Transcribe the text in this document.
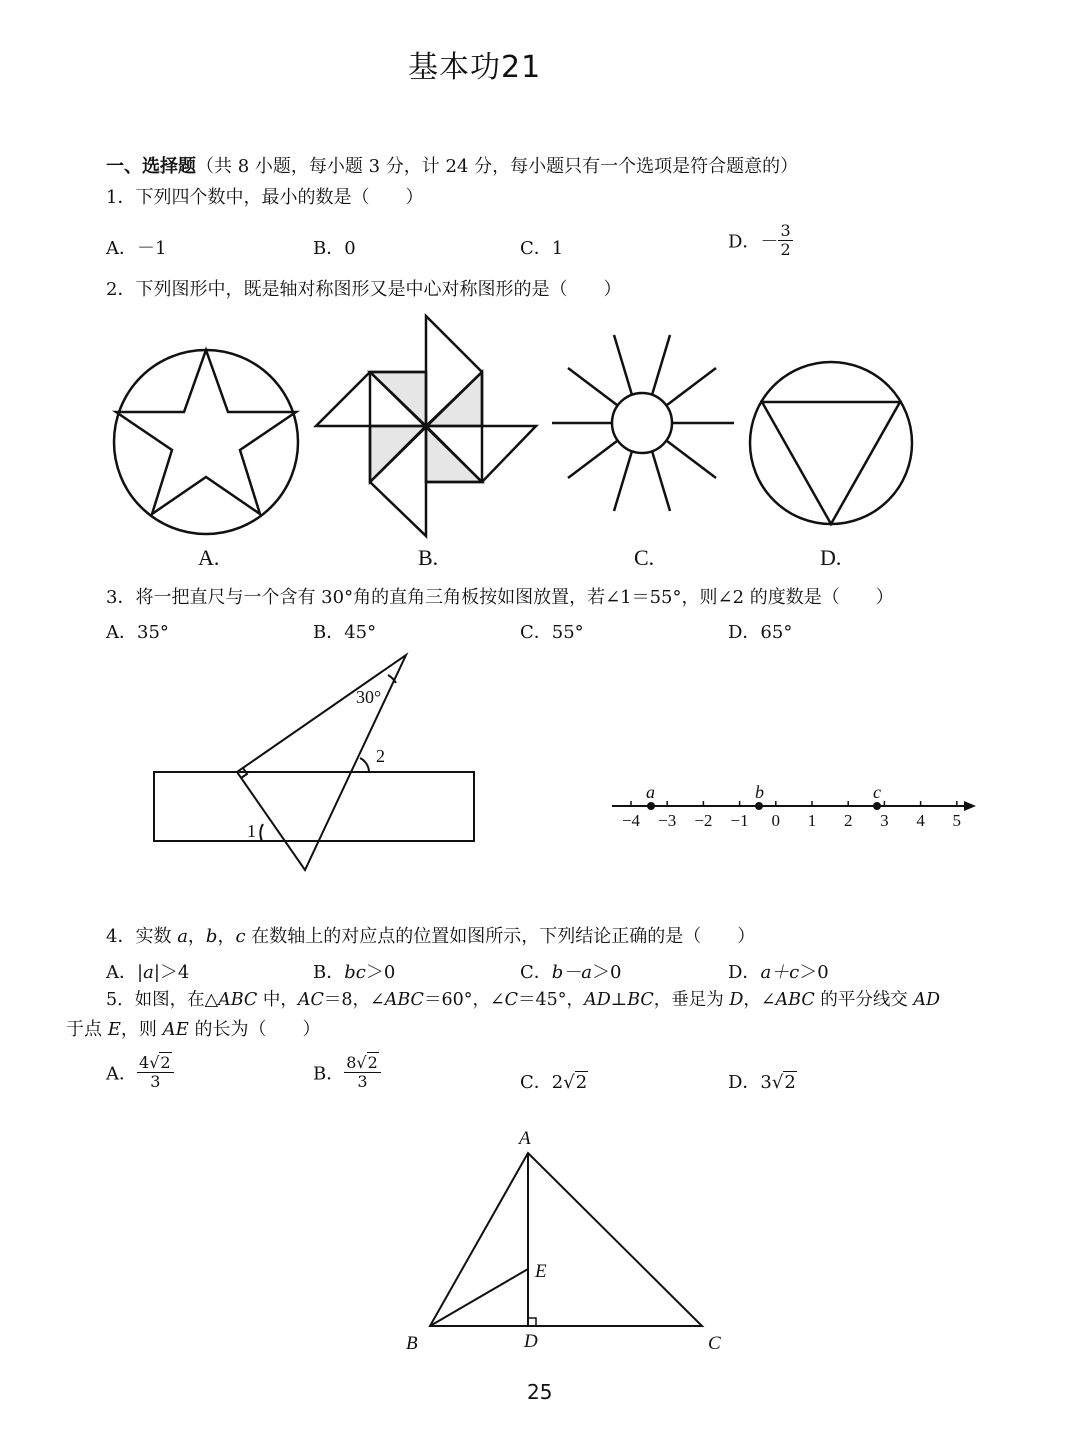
基本功21
一、选择题（共 8 小题，每小题 3 分，计 24 分，每小题只有一个选项是符合题意的）
1．下列四个数中，最小的数是（　　）
A．－1	B．0	C．1	D．－ $\frac{3}{2}$
2．下列图形中，既是轴对称图形又是中心对称图形的是（　　）
A.	B.	C.	D.
3．将一把直尺与一个含有 30°角的直角三角板按如图放置，若∠1＝55°，则∠2 的度数是（　　）
A．35°	B．45°	C．55°	D．65°
30°
2
1
−4 −3 −2 −1 0 1 2 3 4 5
a	b	c
4．实数 a，b，c 在数轴上的对应点的位置如图所示，下列结论正确的是（　　）
A．|a|＞4	B．bc＞0	C．b－a＞0	D．a＋c＞0
5．如图，在△ABC 中，AC＝8，∠ABC＝60°，∠C＝45°，AD⊥BC，垂足为 D，∠ABC 的平分线交 AD
于点 E，则 AE 的长为（　　）
A． $\frac{4√2}{3}$	B． $\frac{8√2}{3}$	C．2√2	D．3√2
A
B	C
D
E
25
